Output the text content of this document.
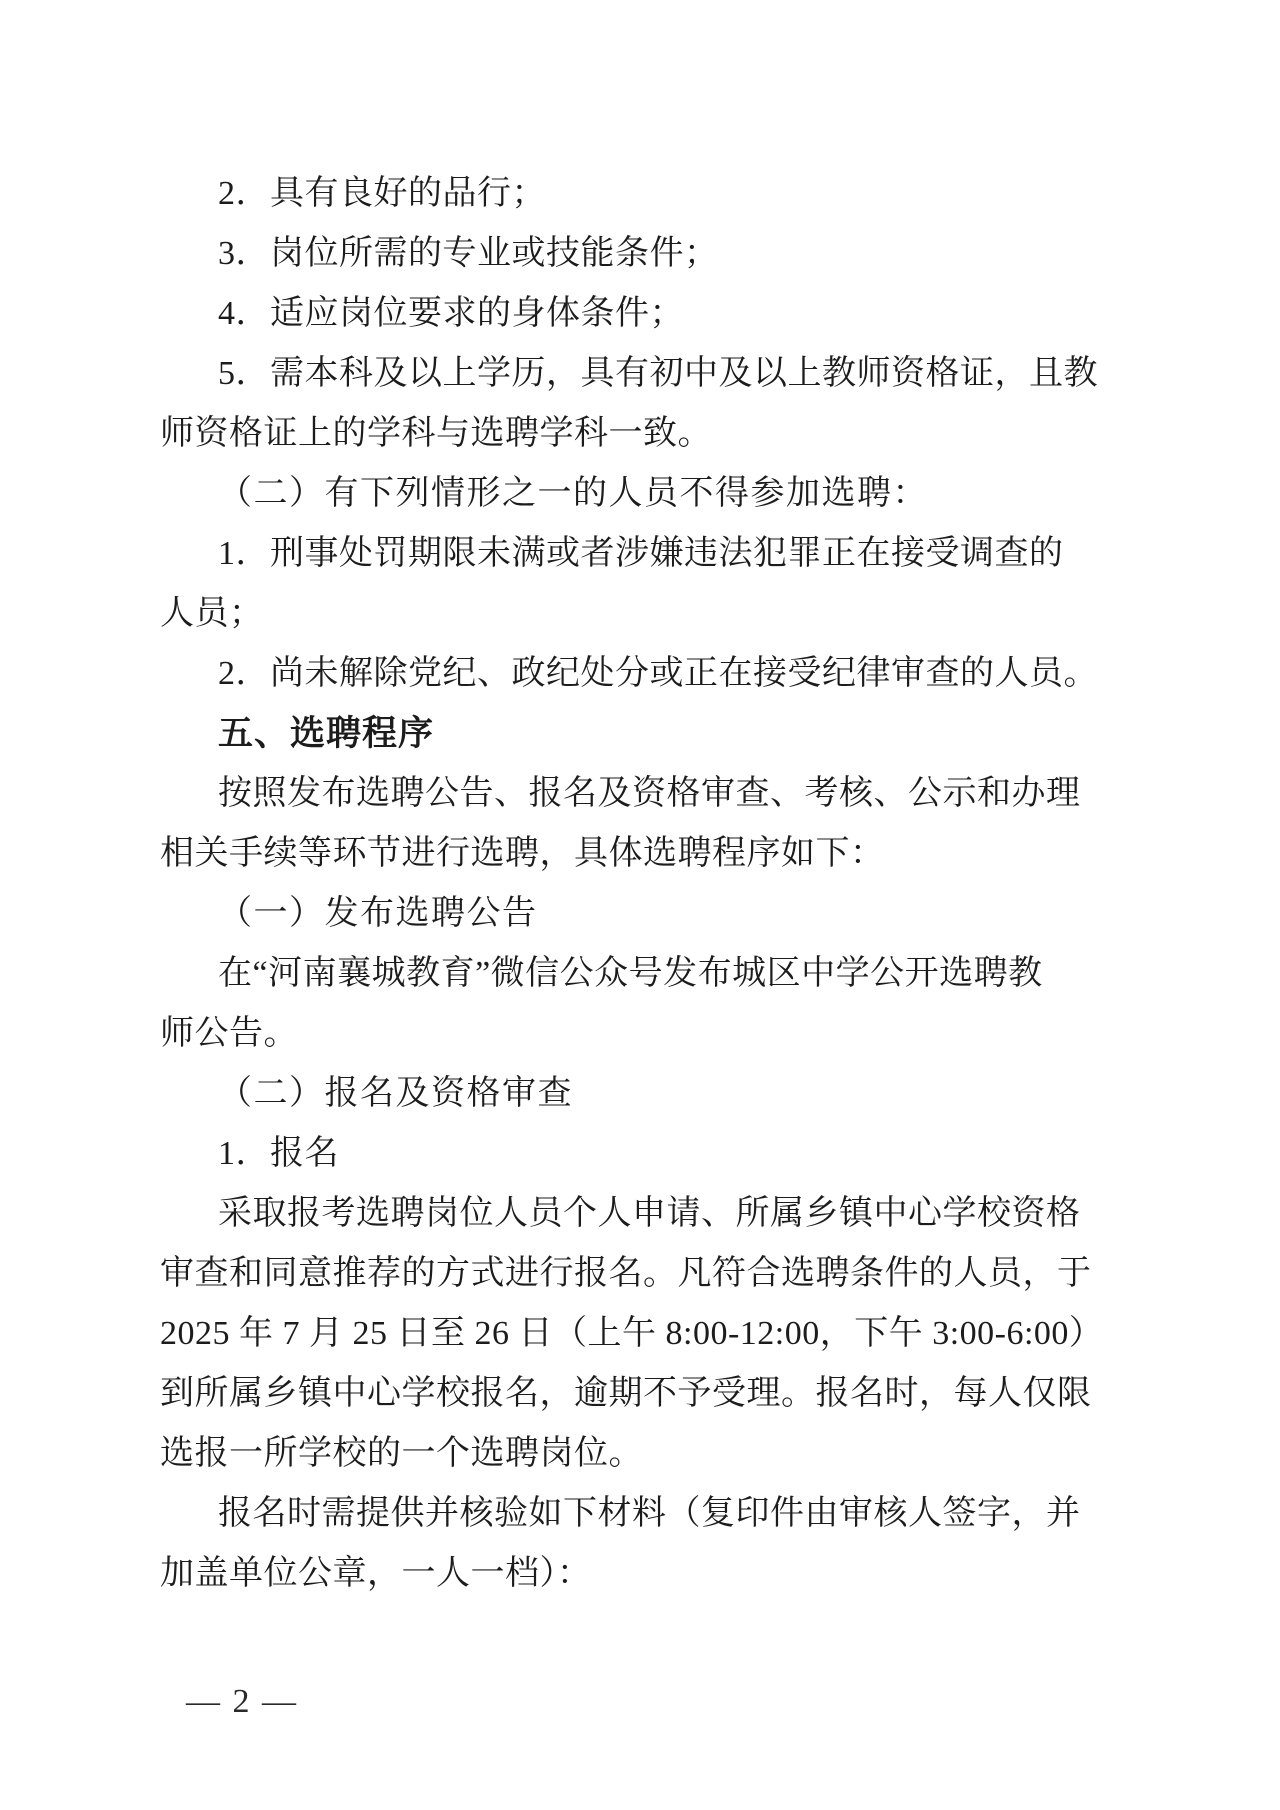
2．具有良好的品行；
3．岗位所需的专业或技能条件；
4．适应岗位要求的身体条件；
5．需本科及以上学历，具有初中及以上教师资格证，且教
师资格证上的学科与选聘学科一致。
（二）有下列情形之一的人员不得参加选聘：
1．刑事处罚期限未满或者涉嫌违法犯罪正在接受调查的
人员；
2．尚未解除党纪、政纪处分或正在接受纪律审查的人员。
五、选聘程序
按照发布选聘公告、报名及资格审查、考核、公示和办理
相关手续等环节进行选聘，具体选聘程序如下：
（一）发布选聘公告
在“河南襄城教育”微信公众号发布城区中学公开选聘教
师公告。
（二）报名及资格审查
1．报名
采取报考选聘岗位人员个人申请、所属乡镇中心学校资格
审查和同意推荐的方式进行报名。凡符合选聘条件的人员，于
2025 年 7 月 25 日至 26 日（上午 8:00-12:00，下午 3:00-6:00）
到所属乡镇中心学校报名，逾期不予受理。报名时，每人仅限
选报一所学校的一个选聘岗位。
报名时需提供并核验如下材料（复印件由审核人签字，并
加盖单位公章，一人一档）：
— 2 —
